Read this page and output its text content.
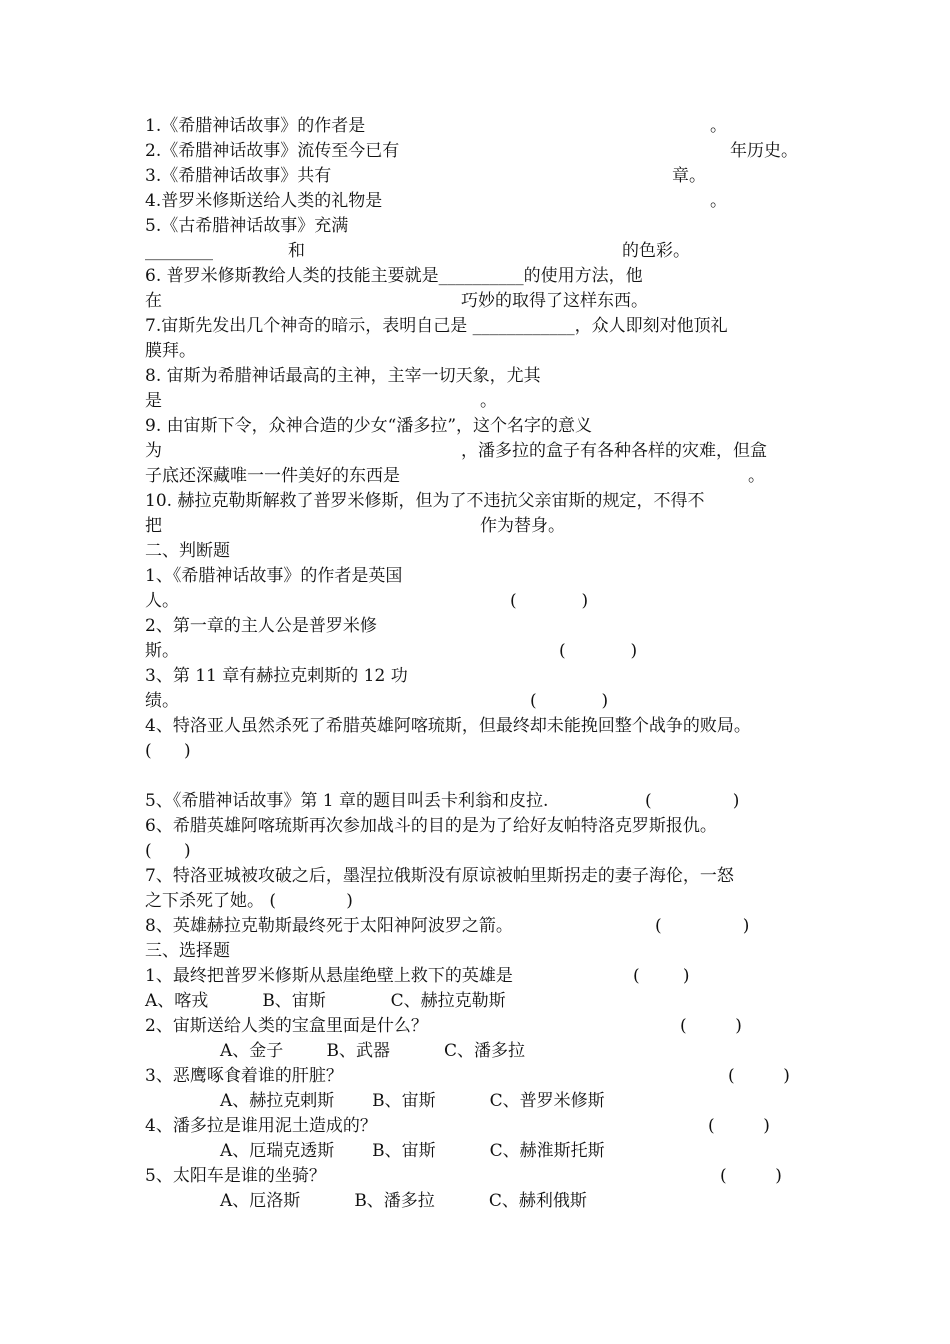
1.《希腊神话故事》的作者是	。
2.《希腊神话故事》流传至今已有	年历史。
3.《希腊神话故事》共有	章。
4.普罗米修斯送给人类的礼物是	。
5.《古希腊神话故事》充满
________	和	的色彩。
6. 普罗米修斯教给人类的技能主要就是__________的使用方法，他
在	巧妙的取得了这样东西。
7.宙斯先发出几个神奇的暗示，表明自己是 ____________，众人即刻对他顶礼
膜拜。
8. 宙斯为希腊神话最高的主神，主宰一切天象，尤其
是	。
9. 由宙斯下令，众神合造的少女“潘多拉”，这个名字的意义
为	，潘多拉的盒子有各种各样的灾难，但盒
子底还深藏唯一一件美好的东西是	。
10. 赫拉克勒斯解救了普罗米修斯，但为了不违抗父亲宙斯的规定，不得不
把	作为替身。
二、判断题
1、《希腊神话故事》的作者是英国
人。	(            )
2、第一章的主人公是普罗米修
斯。	(            )
3、第 11 章有赫拉克剌斯的 12 功
绩。	(            )
4、特洛亚人虽然杀死了希腊英雄阿喀琉斯，但最终却未能挽回整个战争的败局。
(      )
5、《希腊神话故事》第 1 章的题目叫丢卡利翁和皮拉.	(               )
6、希腊英雄阿喀琉斯再次参加战斗的目的是为了给好友帕特洛克罗斯报仇。
(      )
7、特洛亚城被攻破之后，墨涅拉俄斯没有原谅被帕里斯拐走的妻子海伦，一怒
之下杀死了她。 (             )
8、英雄赫拉克勒斯最终死于太阳神阿波罗之箭。	(               )
三、选择题
1、最终把普罗米修斯从悬崖绝壁上救下的英雄是	(        )
A、喀戎          B、宙斯            C、赫拉克勒斯
2、宙斯送给人类的宝盒里面是什么？	(         )
A、金子        B、武器          C、潘多拉
3、恶鹰啄食着谁的肝脏？	(         )
A、赫拉克剌斯       B、宙斯          C、普罗米修斯
4、潘多拉是谁用泥土造成的？	(         )
A、厄瑞克透斯       B、宙斯          C、赫淮斯托斯
5、太阳车是谁的坐骑？	(         )
A、厄洛斯          B、潘多拉          C、赫利俄斯
